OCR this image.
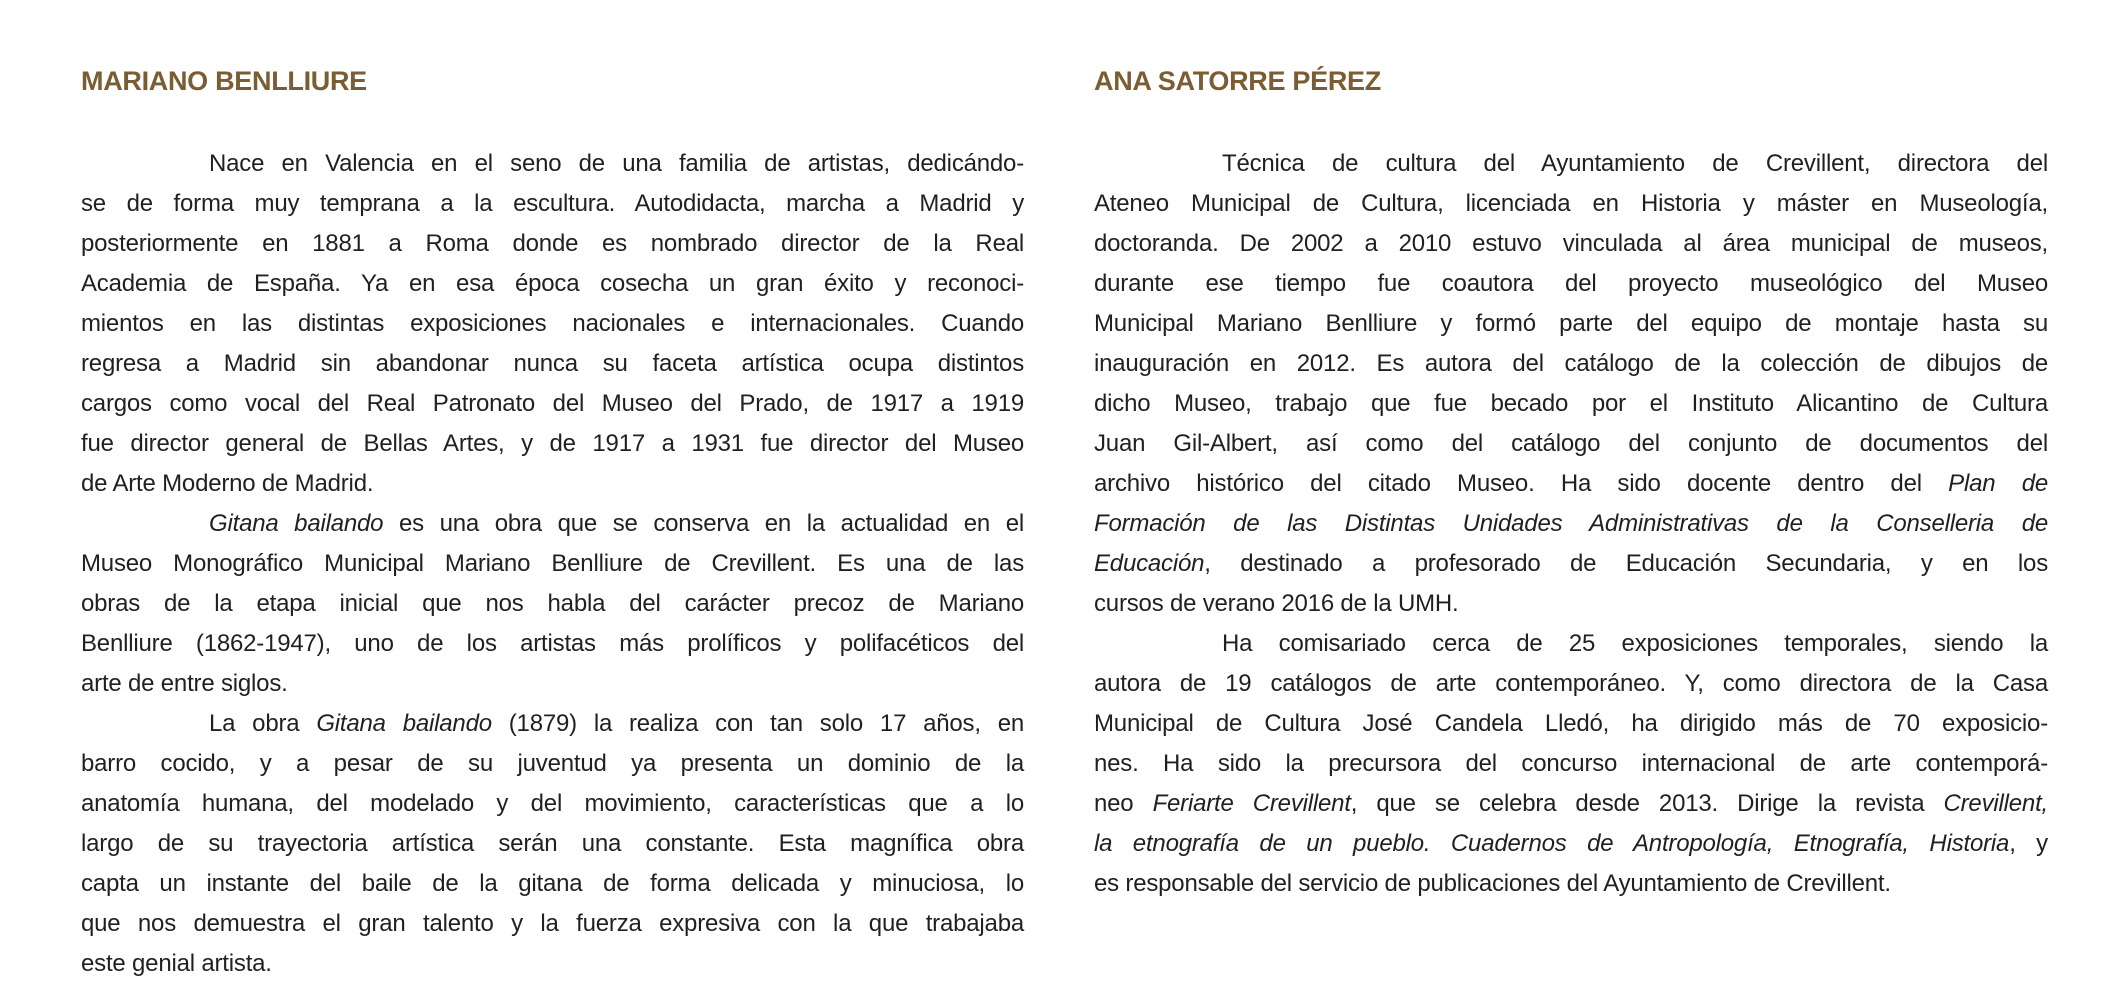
MARIANO BENLLIURE
Nace en Valencia en el seno de una familia de artistas, dedicándo-
se de forma muy temprana a la escultura. Autodidacta, marcha a Madrid y
posteriormente en 1881 a Roma donde es nombrado director de la Real
Academia de España. Ya en esa época cosecha un gran éxito y reconoci-
mientos en las distintas exposiciones nacionales e internacionales. Cuando
regresa a Madrid sin abandonar nunca su faceta artística ocupa distintos
cargos como vocal del Real Patronato del Museo del Prado, de 1917 a 1919
fue director general de Bellas Artes, y de 1917 a 1931 fue director del Museo
de Arte Moderno de Madrid.
Gitana bailando es una obra que se conserva en la actualidad en el
Museo Monográfico Municipal Mariano Benlliure de Crevillent. Es una de las
obras de la etapa inicial que nos habla del carácter precoz de Mariano
Benlliure (1862-1947), uno de los artistas más prolíficos y polifacéticos del
arte de entre siglos.
La obra Gitana bailando (1879) la realiza con tan solo 17 años, en
barro cocido, y a pesar de su juventud ya presenta un dominio de la
anatomía humana, del modelado y del movimiento, características que a lo
largo de su trayectoria artística serán una constante. Esta magnífica obra
capta un instante del baile de la gitana de forma delicada y minuciosa, lo
que nos demuestra el gran talento y la fuerza expresiva con la que trabajaba
este genial artista.
ANA SATORRE PÉREZ
Técnica de cultura del Ayuntamiento de Crevillent, directora del
Ateneo Municipal de Cultura, licenciada en Historia y máster en Museología,
doctoranda. De 2002 a 2010 estuvo vinculada al área municipal de museos,
durante ese tiempo fue coautora del proyecto museológico del Museo
Municipal Mariano Benlliure y formó parte del equipo de montaje hasta su
inauguración en 2012. Es autora del catálogo de la colección de dibujos de
dicho Museo, trabajo que fue becado por el Instituto Alicantino de Cultura
Juan Gil-Albert, así como del catálogo del conjunto de documentos del
archivo histórico del citado Museo. Ha sido docente dentro del Plan de
Formación de las Distintas Unidades Administrativas de la Conselleria de
Educación, destinado a profesorado de Educación Secundaria, y en los
cursos de verano 2016 de la UMH.
Ha comisariado cerca de 25 exposiciones temporales, siendo la
autora de 19 catálogos de arte contemporáneo. Y, como directora de la Casa
Municipal de Cultura José Candela Lledó, ha dirigido más de 70 exposicio-
nes. Ha sido la precursora del concurso internacional de arte contemporá-
neo Feriarte Crevillent, que se celebra desde 2013. Dirige la revista Crevillent,
la etnografía de un pueblo. Cuadernos de Antropología, Etnografía, Historia, y
es responsable del servicio de publicaciones del Ayuntamiento de Crevillent.
